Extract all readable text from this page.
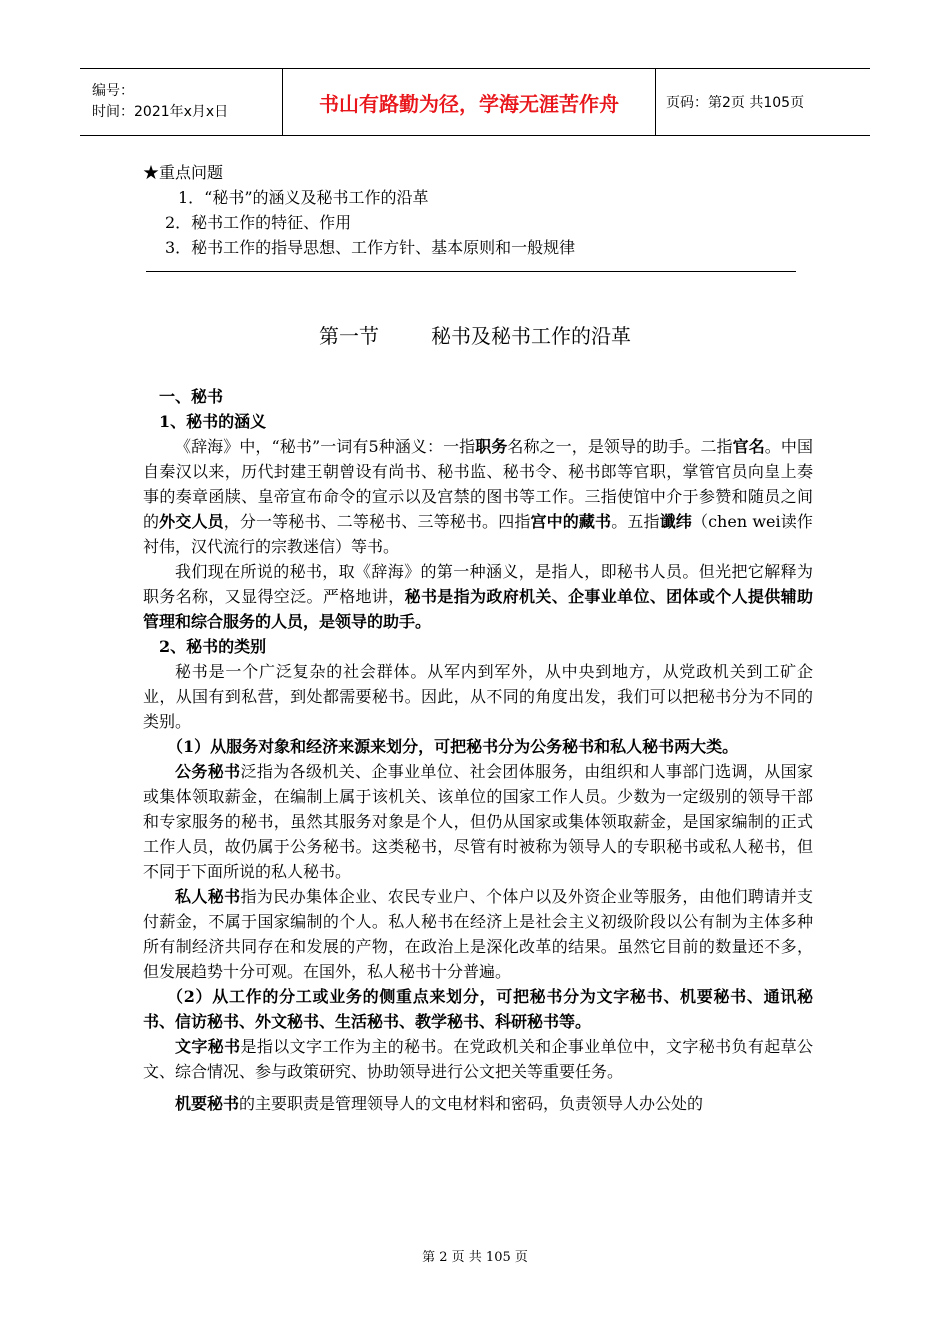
编号：
时间：2021年x月x日	书山有路勤为径，学海无涯苦作舟	页码：第2页 共105页
★重点问题
1．“秘书”的涵义及秘书工作的沿革
2．秘书工作的特征、作用
3．秘书工作的指导思想、工作方针、基本原则和一般规律
第一节	秘书及秘书工作的沿革
一、秘书
1、秘书的涵义

《辞海》中，“秘书”一词有5种涵义：一指职务名称之一，是领导的助手。二指官名。中国自秦汉以来，历代封建王朝曾设有尚书、秘书监、秘书令、秘书郎等官职，掌管官员向皇上奏事的奏章函牍、皇帝宣布命令的宣示以及宫禁的图书等工作。三指使馆中介于参赞和随员之间的外交人员，分一等秘书、二等秘书、三等秘书。四指宫中的藏书。五指谶纬（chen wei读作衬伟，汉代流行的宗教迷信）等书。

我们现在所说的秘书，取《辞海》的第一种涵义，是指人，即秘书人员。但光把它解释为职务名称，又显得空泛。严格地讲，秘书是指为政府机关、企事业单位、团体或个人提供辅助管理和综合服务的人员，是领导的助手。

2、秘书的类别

秘书是一个广泛复杂的社会群体。从军内到军外，从中央到地方，从党政机关到工矿企业，从国有到私营，到处都需要秘书。因此，从不同的角度出发，我们可以把秘书分为不同的类别。

（1）从服务对象和经济来源来划分，可把秘书分为公务秘书和私人秘书两大类。

公务秘书泛指为各级机关、企事业单位、社会团体服务，由组织和人事部门选调，从国家或集体领取薪金，在编制上属于该机关、该单位的国家工作人员。少数为一定级别的领导干部和专家服务的秘书，虽然其服务对象是个人，但仍从国家或集体领取薪金，是国家编制的正式工作人员，故仍属于公务秘书。这类秘书，尽管有时被称为领导人的专职秘书或私人秘书，但不同于下面所说的私人秘书。

私人秘书指为民办集体企业、农民专业户、个体户以及外资企业等服务，由他们聘请并支付薪金，不属于国家编制的个人。私人秘书在经济上是社会主义初级阶段以公有制为主体多种所有制经济共同存在和发展的产物，在政治上是深化改革的结果。虽然它目前的数量还不多，但发展趋势十分可观。在国外，私人秘书十分普遍。

（2）从工作的分工或业务的侧重点来划分，可把秘书分为文字秘书、机要秘书、通讯秘书、信访秘书、外文秘书、生活秘书、教学秘书、科研秘书等。

文字秘书是指以文字工作为主的秘书。在党政机关和企事业单位中，文字秘书负有起草公文、综合情况、参与政策研究、协助领导进行公文把关等重要任务。

机要秘书的主要职责是管理领导人的文电材料和密码，负责领导人办公处的

第 2 页 共 105 页
